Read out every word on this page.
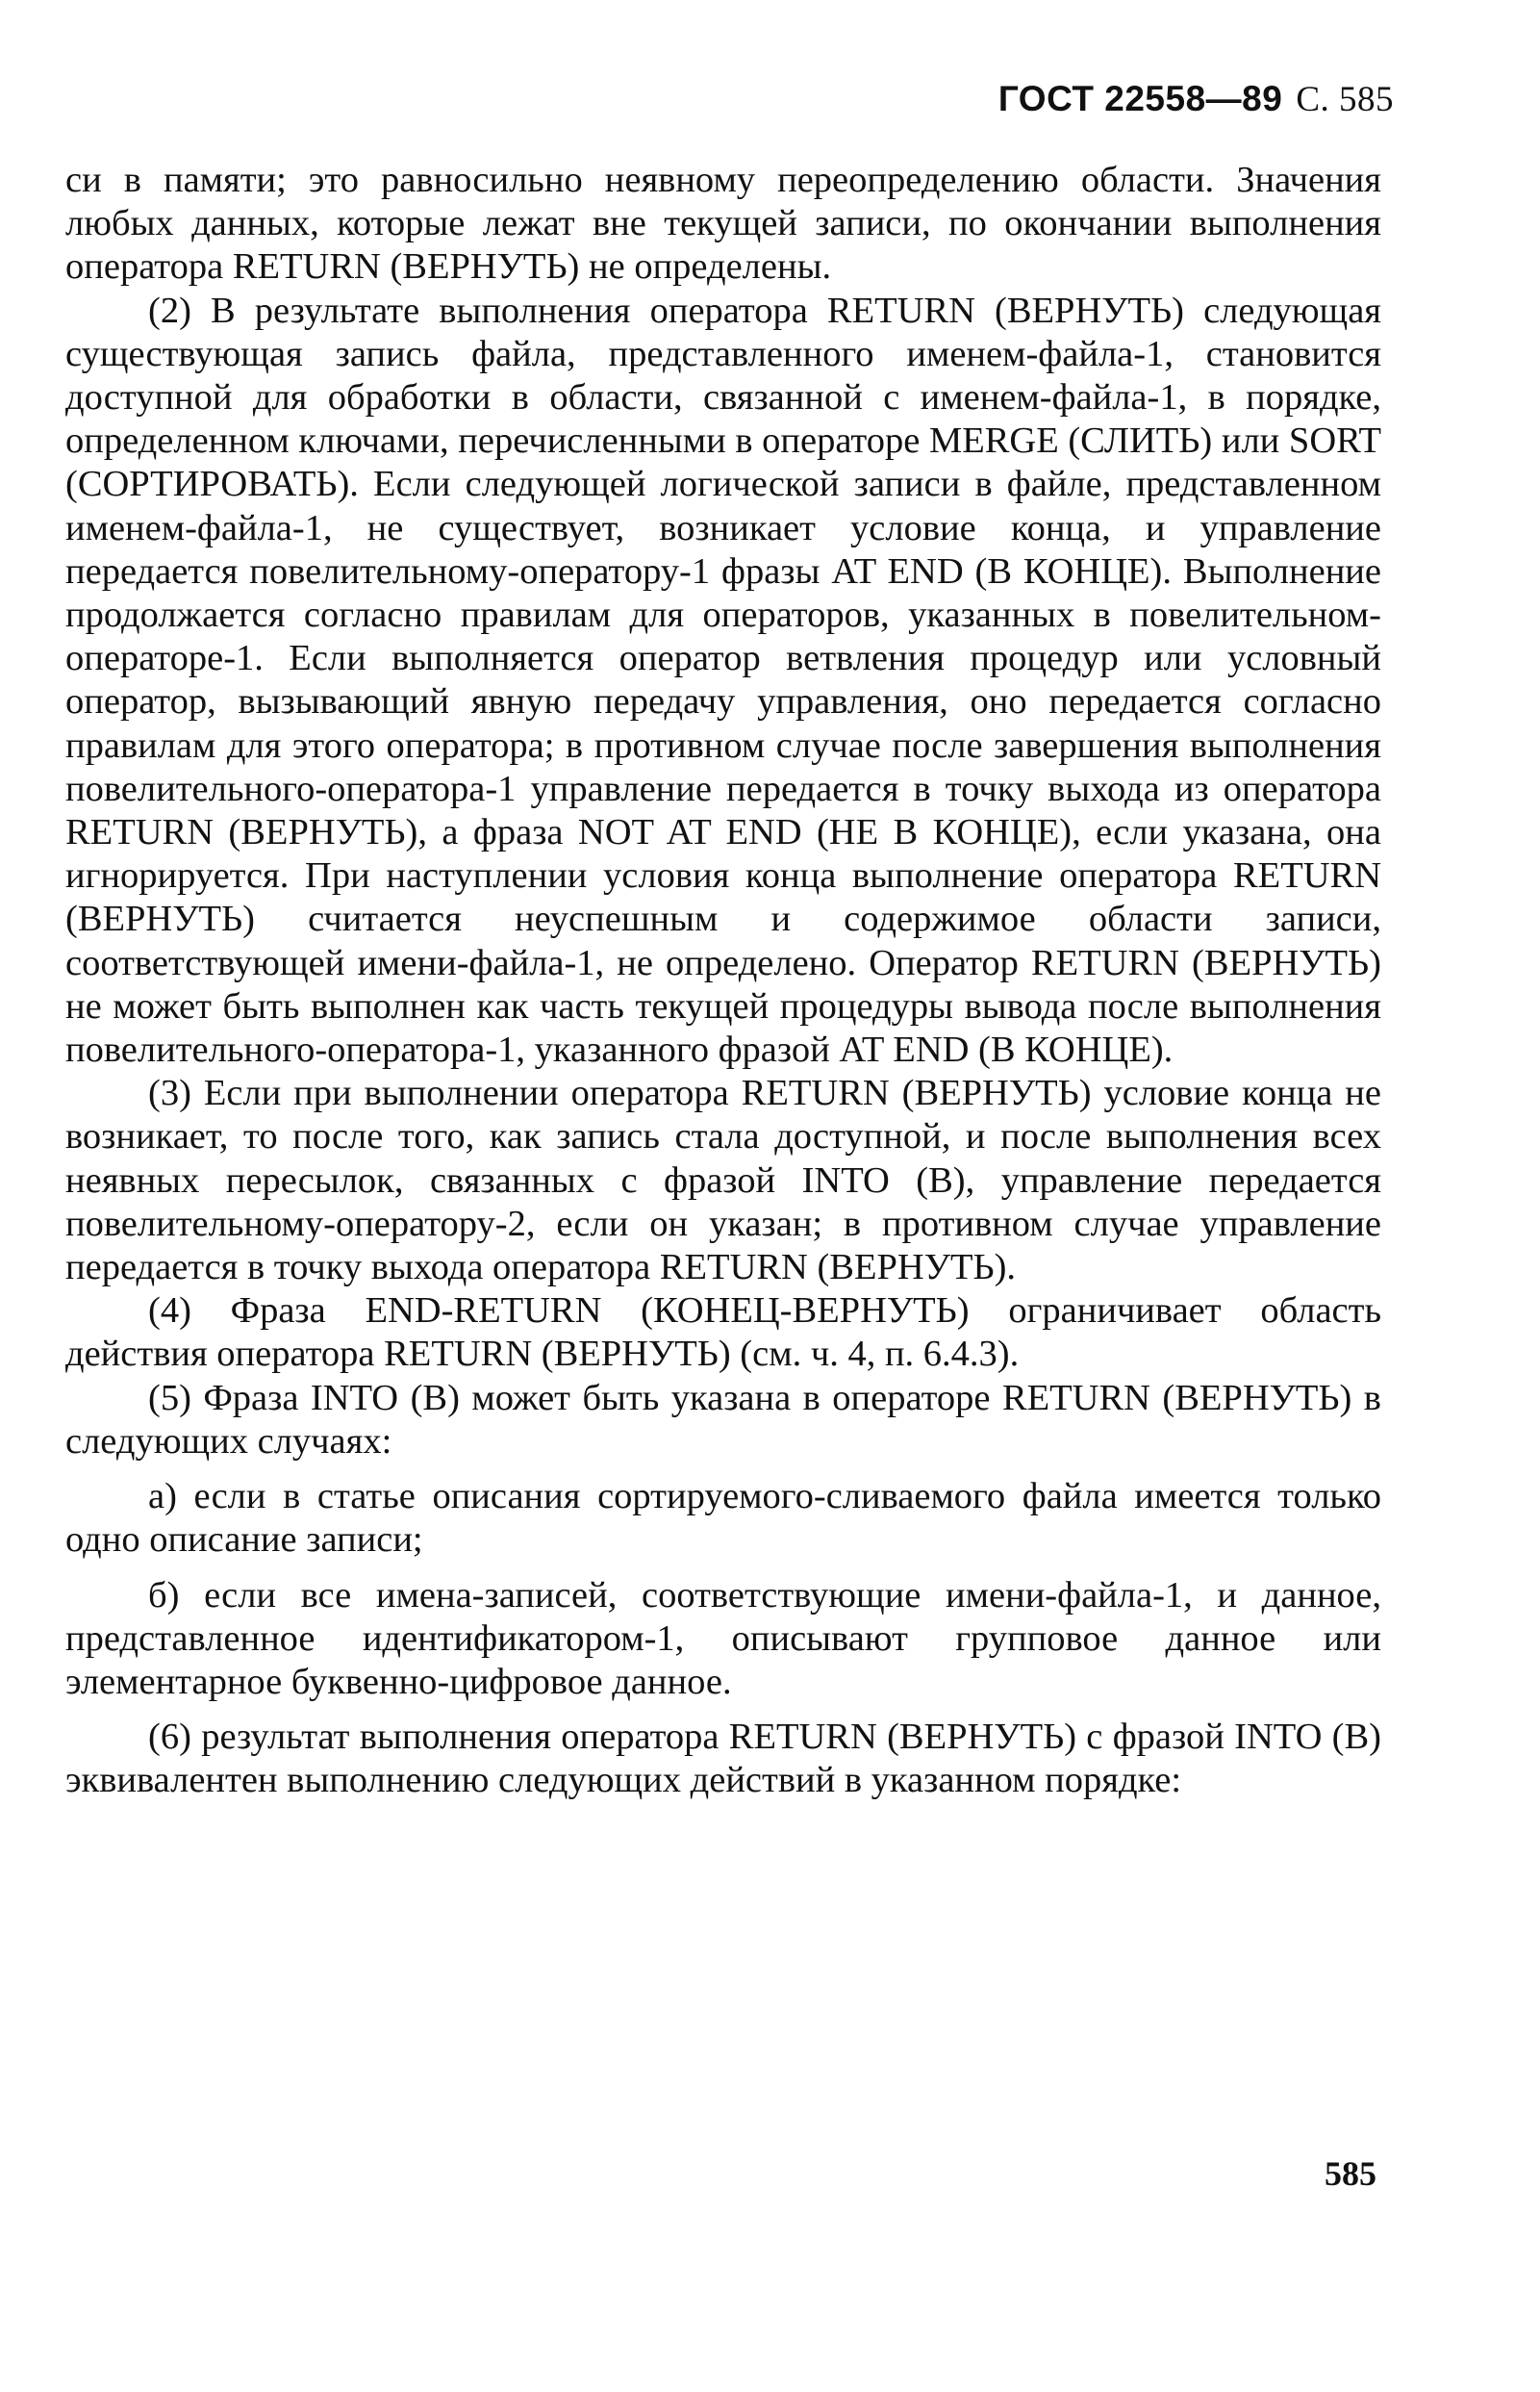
ГОСТ 22558—89 С. 585

си в памяти; это равносильно неявному переопределению области. Значения любых данных, которые лежат вне текущей записи, по окончании выполнения оператора RETURN (ВЕРНУТЬ) не определены.

(2) В результате выполнения оператора RETURN (ВЕРНУТЬ) следующая существующая запись файла, представленного именем-файла-1, становится доступной для обработки в области, связанной с именем-файла-1, в порядке, определенном ключами, перечисленными в операторе MERGE (СЛИТЬ) или SORT (СОРТИРОВАТЬ). Если следующей логической записи в файле, представленном именем-файла-1, не существует, возникает условие конца, и управление передается повелительному-оператору-1 фразы AT END (В КОНЦЕ). Выполнение продолжается согласно правилам для операторов, указанных в повелительном-операторе-1. Если выполняется оператор ветвления процедур или условный оператор, вызывающий явную передачу управления, оно передается согласно правилам для этого оператора; в противном случае после завершения выполнения повелительного-оператора-1 управление передается в точку выхода из оператора RETURN (ВЕРНУТЬ), а фраза NOT AT END (НЕ В КОНЦЕ), если указана, она игнорируется. При наступлении условия конца выполнение оператора RETURN (ВЕРНУТЬ) считается неуспешным и содержимое области записи, соответствующей имени-файла-1, не определено. Оператор RETURN (ВЕРНУТЬ) не может быть выполнен как часть текущей процедуры вывода после выполнения повелительного-оператора-1, указанного фразой AT END (В КОНЦЕ).

(3) Если при выполнении оператора RETURN (ВЕРНУТЬ) условие конца не возникает, то после того, как запись стала доступной, и после выполнения всех неявных пересылок, связанных с фразой INTO (В), управление передается повелительному-оператору-2, если он указан; в противном случае управление передается в точку выхода оператора RETURN (ВЕРНУТЬ).

(4) Фраза END-RETURN (КОНЕЦ-ВЕРНУТЬ) ограничивает область действия оператора RETURN (ВЕРНУТЬ) (см. ч. 4, п. 6.4.3).

(5) Фраза INTO (В) может быть указана в операторе RETURN (ВЕРНУТЬ) в следующих случаях:

а) если в статье описания сортируемого-сливаемого файла имеется только одно описание записи;

б) если все имена-записей, соответствующие имени-файла-1, и данное, представленное идентификатором-1, описывают групповое данное или элементарное буквенно-цифровое данное.

(6) результат выполнения оператора RETURN (ВЕРНУТЬ) с фразой INTO (В) эквивалентен выполнению следующих действий в указанном порядке:

585
